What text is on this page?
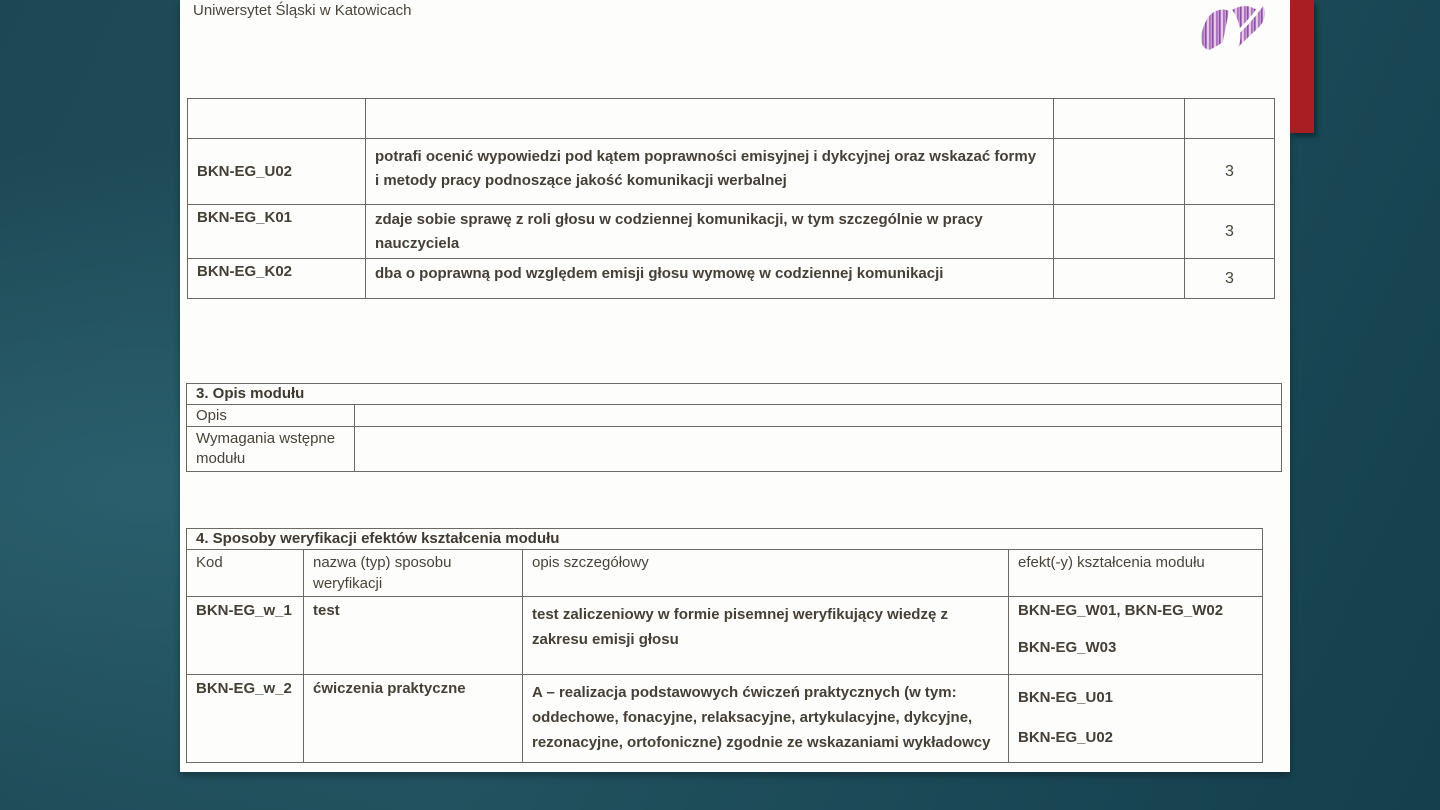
Uniwersytet Śląski w Katowicach

BKN-EG_U02	potrafi ocenić wypowiedzi pod kątem poprawności emisyjnej i dykcyjnej oraz wskazać formy i metody pracy podnoszące jakość komunikacji werbalnej		3
BKN-EG_K01	zdaje sobie sprawę z roli głosu w codziennej komunikacji, w tym szczególnie w pracy nauczyciela		3
BKN-EG_K02	dba o poprawną pod względem emisji głosu wymowę w codziennej komunikacji		3
3. Opis modułu	
Opis	
Wymagania wstępne modułu	
4. Sposoby weryfikacji efektów kształcenia modułu			
Kod	nazwa (typ) sposobu weryfikacji	opis szczegółowy	efekt(-y) kształcenia modułu
BKN-EG_w_1	test	test zaliczeniowy w formie pisemnej weryfikujący wiedzę z zakresu emisji głosu	BKN-EG_W01, BKN-EG_W02
BKN-EG_W03

BKN-EG_w_2	ćwiczenia praktyczne	A – realizacja podstawowych ćwiczeń praktycznych (w tym: oddechowe, fonacyjne, relaksacyjne, artykulacyjne, dykcyjne, rezonacyjne, ortofoniczne) zgodnie ze wskazaniami wykładowcy	BKN-EG_U01
BKN-EG_U02
